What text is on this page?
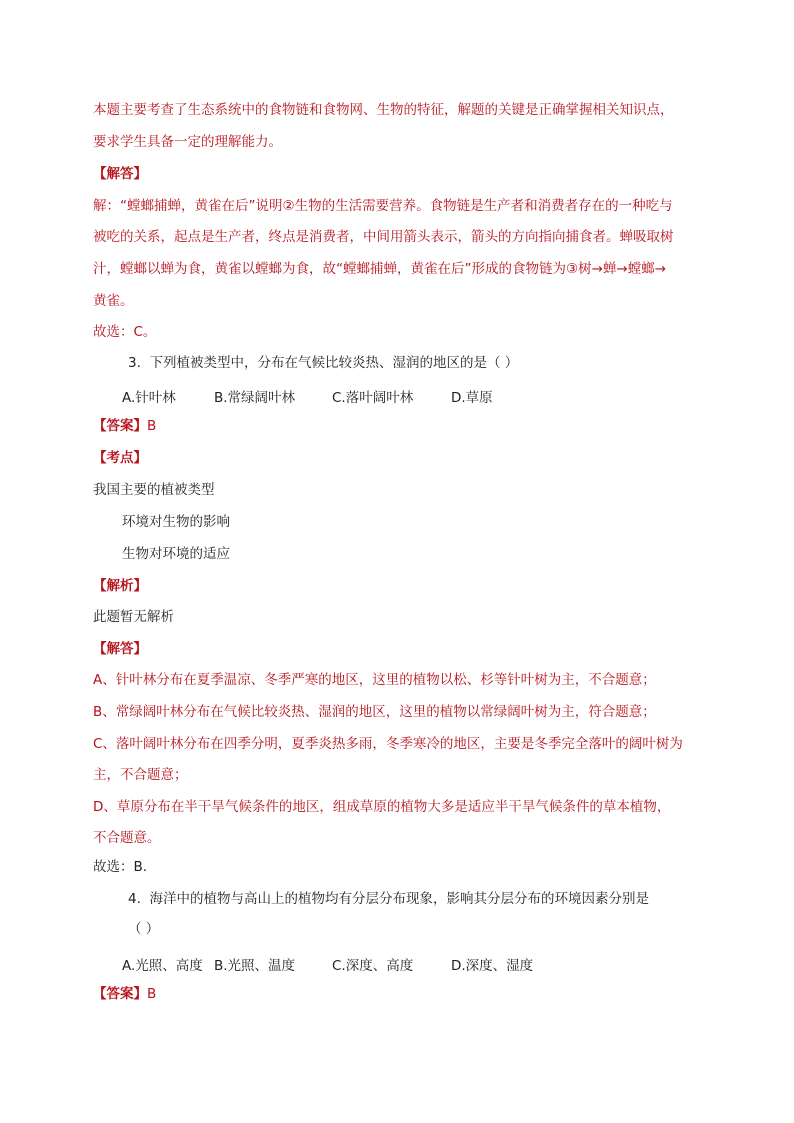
本题主要考查了生态系统中的食物链和食物网、生物的特征，解题的关键是正确掌握相关知识点，
要求学生具备一定的理解能力。
【解答】
解：“螳螂捕蝉，黄雀在后”说明②生物的生活需要营养。食物链是生产者和消费者存在的一种吃与
被吃的关系，起点是生产者，终点是消费者，中间用箭头表示，箭头的方向指向捕食者。蝉吸取树
汁，螳螂以蝉为食，黄雀以螳螂为食，故“螳螂捕蝉，黄雀在后”形成的食物链为③树→蝉→螳螂→
黄雀。
故选：C。
3. 下列植被类型中，分布在气候比较炎热、湿润的地区的是（ ）
A.针叶林	B.常绿阔叶林	C.落叶阔叶林	D.草原
【答案】B
【考点】
我国主要的植被类型
环境对生物的影响
生物对环境的适应
【解析】
此题暂无解析
【解答】
A、针叶林分布在夏季温凉、冬季严寒的地区，这里的植物以松、杉等针叶树为主，不合题意；
B、常绿阔叶林分布在气候比较炎热、湿润的地区，这里的植物以常绿阔叶树为主，符合题意；
C、落叶阔叶林分布在四季分明，夏季炎热多雨，冬季寒冷的地区，主要是冬季完全落叶的阔叶树为
主，不合题意；
D、草原分布在半干旱气候条件的地区，组成草原的植物大多是适应半干旱气候条件的草本植物，
不合题意。
故选：B.
4. 海洋中的植物与高山上的植物均有分层分布现象，影响其分层分布的环境因素分别是
（ ）
A.光照、高度 B.光照、温度	C.深度、高度	D.深度、湿度
【答案】B
